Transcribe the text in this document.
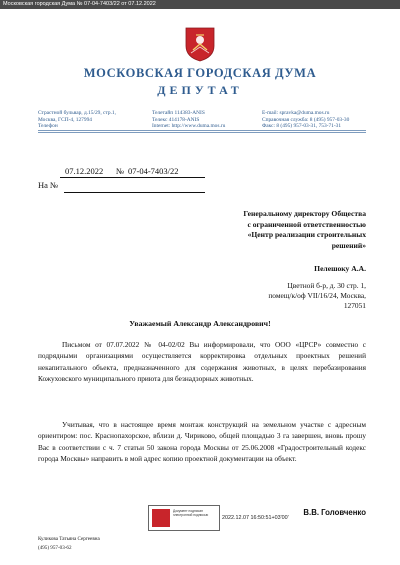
Московская городская Дума № 07-04-7403/22 от 07.12.2022
МОСКОВСКАЯ ГОРОДСКАЯ ДУМА
ДЕПУТАТ
Страстной бульвар, д.15/29, стр.1,
Москва, ГСП-4, 127994
Телефон
Телетайп 114383-ANIS
Телекс 414178-ANIS
Internet: http://www.duma.mos.ru
E-mail: spravka@duma.mos.ru
Справочная служба: 8 (495) 957-03-30
Факс: 8 (495) 957-03-31, 753-71-31
07.12.2022 № 07-04-7403/22
На №
Генеральному директору Общества
с ограниченной ответственностью
«Центр реализации строительных
решений»
Пелешоку А.А.
Цветной б-р, д. 30 стр. 1,
помещ/к/оф VII/16/24, Москва,
127051
Уважаемый Александр Александрович!
Письмом от 07.07.2022 № 04-02/02 Вы информировали, что ООО «ЦРСР» совместно с подрядными организациями осуществляется корректировка отдельных проектных решений некапитального объекта, предназначенного для содержания животных, в целях перебазирования Кожуховского муниципального приюта для безнадзорных животных.
Учитывая, что в настоящее время монтаж конструкций на земельном участке с адресным ориентиром: пос. Краснопахорское, вблизи д. Чириково, общей площадью 3 га завершен, вновь прошу Вас в соответствии с ч. 7 статьи 50 закона города Москвы от 25.06.2008 «Градостроительный кодекс города Москвы» направить в мой адрес копию проектной документации на объект.
Документ подписан электронной подписью	2022.12.07 16:50:51+03'00'
В.В. Головченко
Куликова Татьяна Сергеевна
(495) 957-03-62
